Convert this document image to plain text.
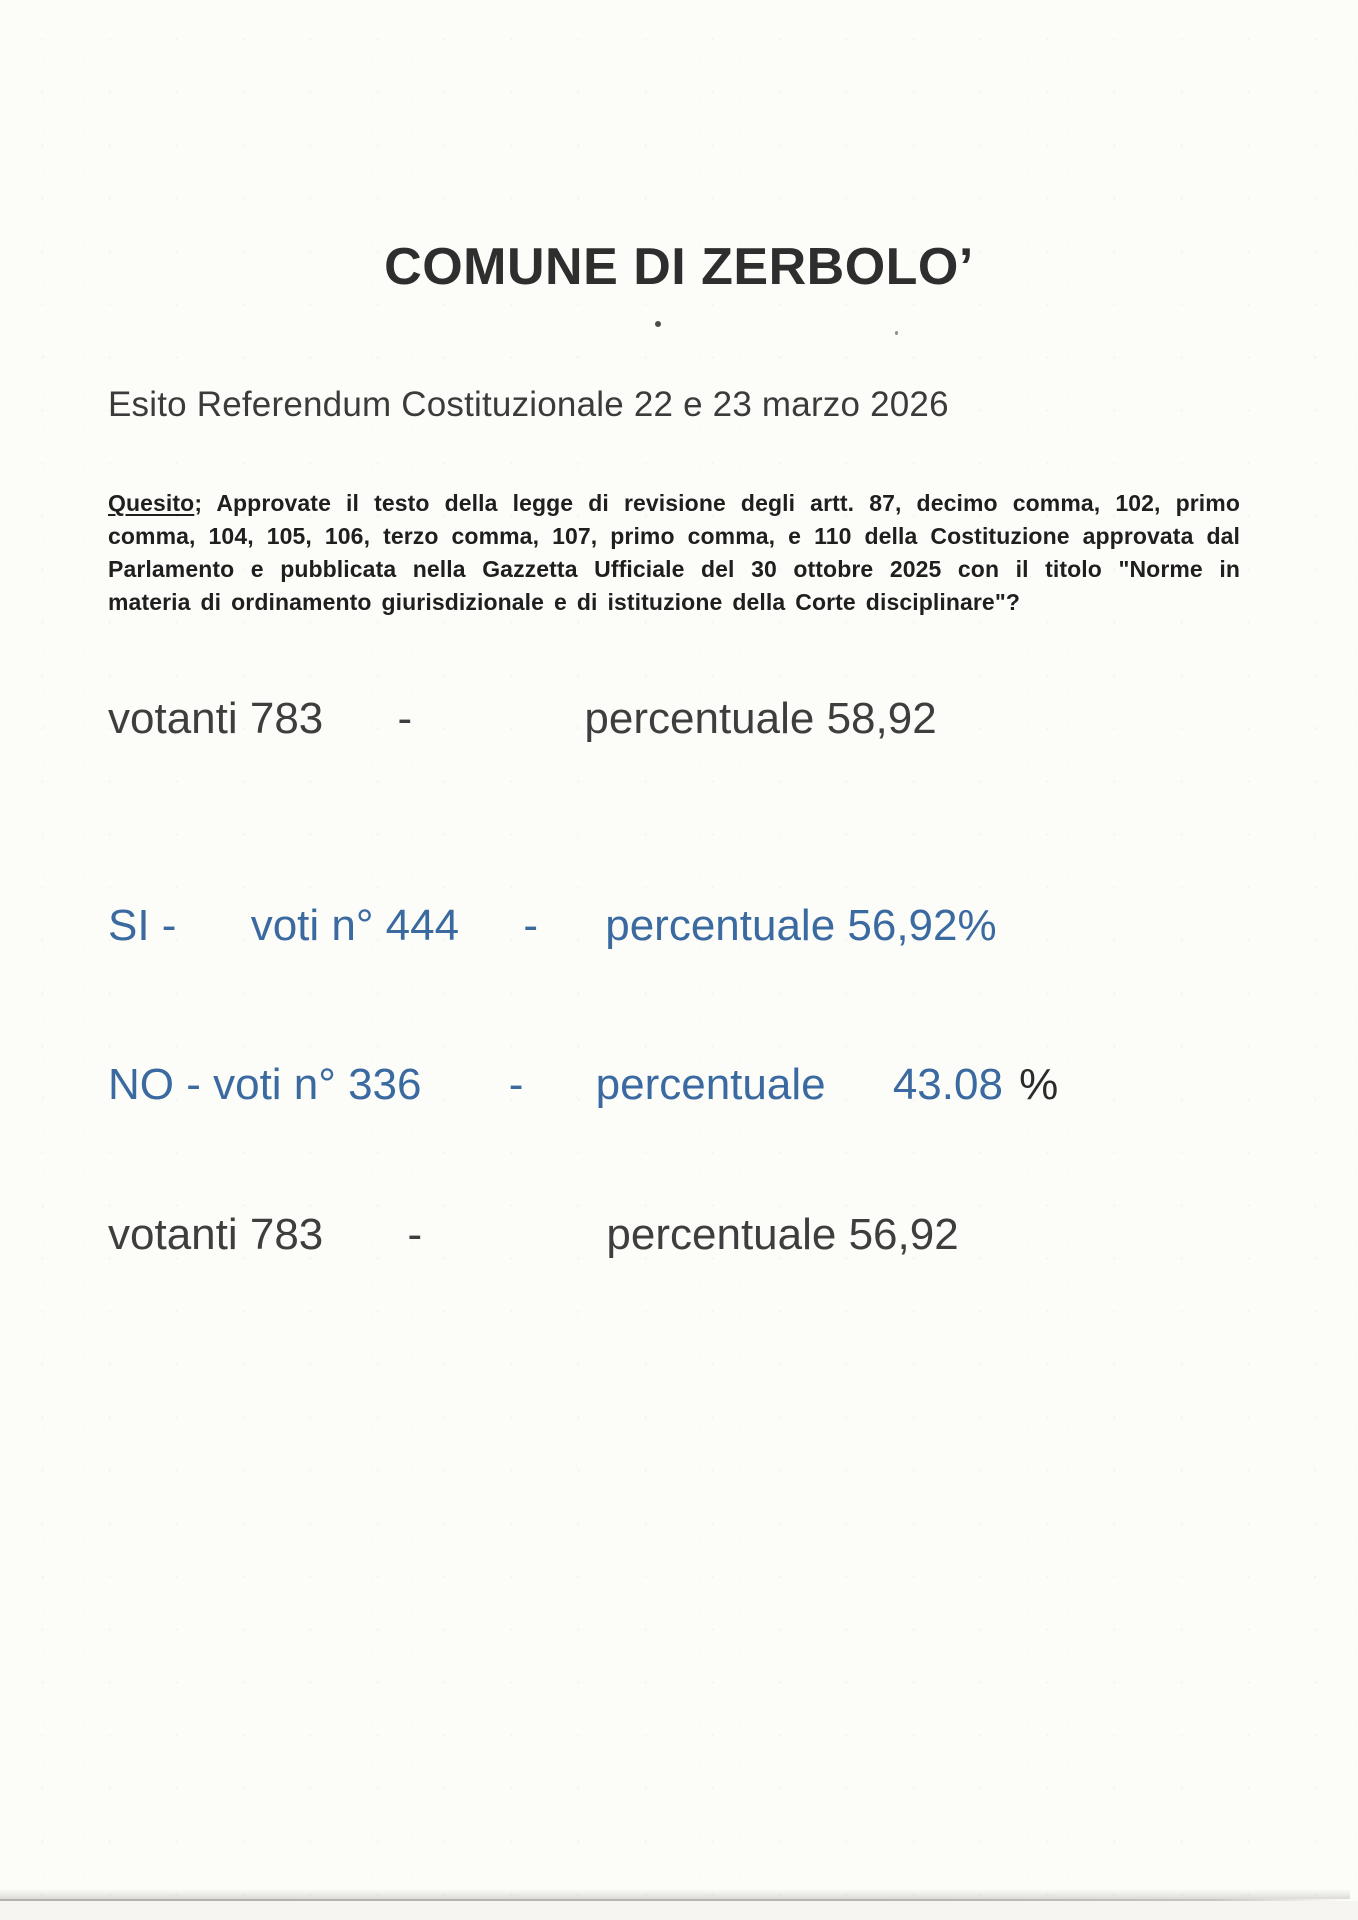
COMUNE DI ZERBOLO’
Esito Referendum Costituzionale 22 e 23 marzo 2026

Quesito; Approvate il testo della legge di revisione degli artt. 87, decimo comma, 102, primo comma, 104, 105, 106, terzo comma, 107, primo comma, e 110 della Costituzione approvata dal Parlamento e pubblicata nella Gazzetta Ufficiale del 30 ottobre 2025 con il titolo "Norme in materia di ordinamento giurisdizionale e di istituzione della Corte disciplinare"?

votanti 783 -	percentuale 58,92
SI - voti n° 444 - percentuale 56,92%
NO - voti n° 336 - percentuale 43.08 %
votanti 783 -	percentuale 56,92
